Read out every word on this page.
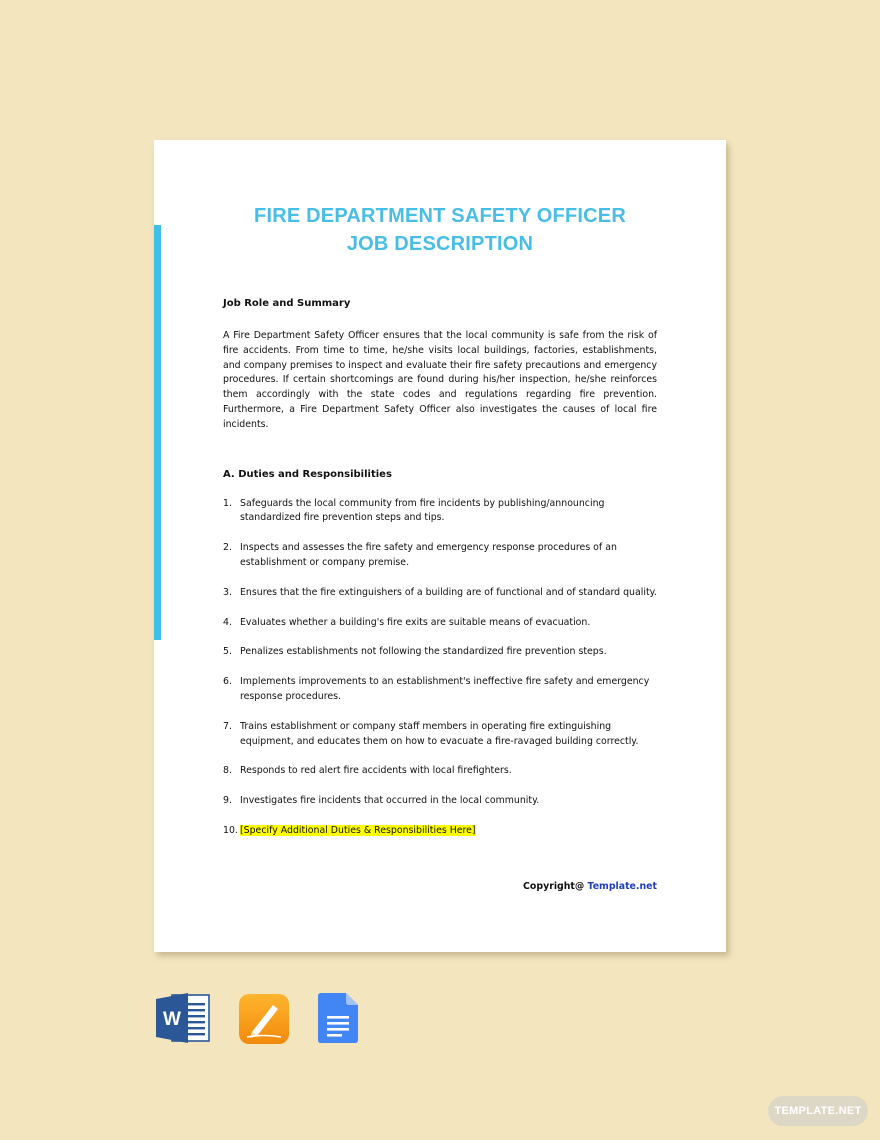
FIRE DEPARTMENT SAFETY OFFICER
JOB DESCRIPTION

Job Role and Summary

A Fire Department Safety Officer ensures that the local community is safe from the risk of fire accidents. From time to time, he/she visits local buildings, factories, establishments, and company premises to inspect and evaluate their fire safety precautions and emergency procedures. If certain shortcomings are found during his/her inspection, he/she reinforces them accordingly with the state codes and regulations regarding fire prevention. Furthermore, a Fire Department Safety Officer also investigates the causes of local fire incidents.

A. Duties and Responsibilities

1. Safeguards the local community from fire incidents by publishing/announcing standardized fire prevention steps and tips.
2. Inspects and assesses the fire safety and emergency response procedures of an establishment or company premise.
3. Ensures that the fire extinguishers of a building are of functional and of standard quality.
4. Evaluates whether a building's fire exits are suitable means of evacuation.
5. Penalizes establishments not following the standardized fire prevention steps.
6. Implements improvements to an establishment's ineffective fire safety and emergency response procedures.
7. Trains establishment or company staff members in operating fire extinguishing equipment, and educates them on how to evacuate a fire-ravaged building correctly.
8. Responds to red alert fire accidents with local firefighters.
9. Investigates fire incidents that occurred in the local community.
10. [Specify Additional Duties & Responsibilities Here]
Copyright@ Template.net
W
TEMPLATE.NET
